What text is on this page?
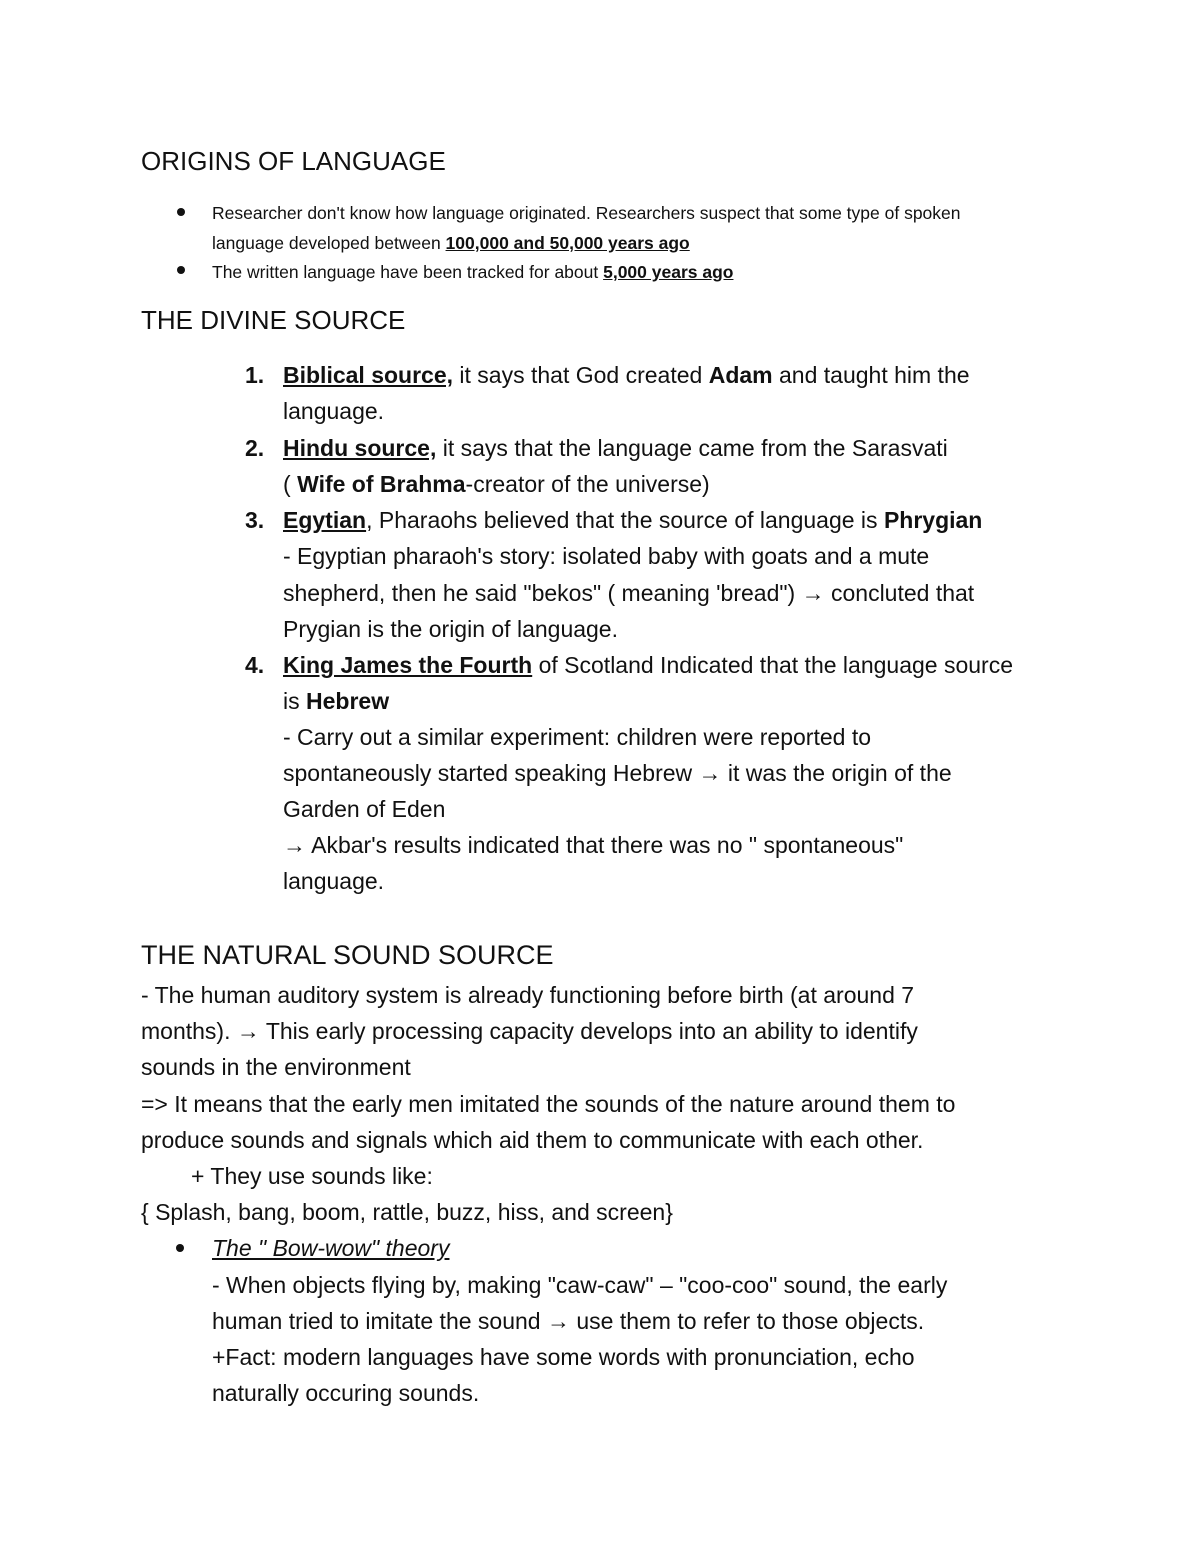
ORIGINS OF LANGUAGE
Researcher don't know how language originated. Researchers suspect that some type of spoken
language developed between 100,000 and 50,000 years ago
The written language have been tracked for about 5,000 years ago
THE DIVINE SOURCE
1. Biblical source, it says that God created Adam and taught him the
language.
2. Hindu source, it says that the language came from the Sarasvati
( Wife of Brahma-creator of the universe)
3. Egytian, Pharaohs believed that the source of language is Phrygian
- Egyptian pharaoh's story: isolated baby with goats and a mute
shepherd, then he said "bekos" ( meaning 'bread") → concluted that
Prygian is the origin of language.
4. King James the Fourth of Scotland Indicated that the language source
is Hebrew
- Carry out a similar experiment: children were reported to
spontaneously started speaking Hebrew → it was the origin of the
Garden of Eden
→ Akbar's results indicated that there was no " spontaneous"
language.
THE NATURAL SOUND SOURCE
- The human auditory system is already functioning before birth (at around 7
months). → This early processing capacity develops into an ability to identify
sounds in the environment
=> It means that the early men imitated the sounds of the nature around them to
produce sounds and signals which aid them to communicate with each other.
+ They use sounds like:
{ Splash, bang, boom, rattle, buzz, hiss, and screen}
The " Bow-wow" theory
- When objects flying by, making "caw-caw" – "coo-coo" sound, the early
human tried to imitate the sound → use them to refer to those objects.
+Fact: modern languages have some words with pronunciation, echo
naturally occuring sounds.
